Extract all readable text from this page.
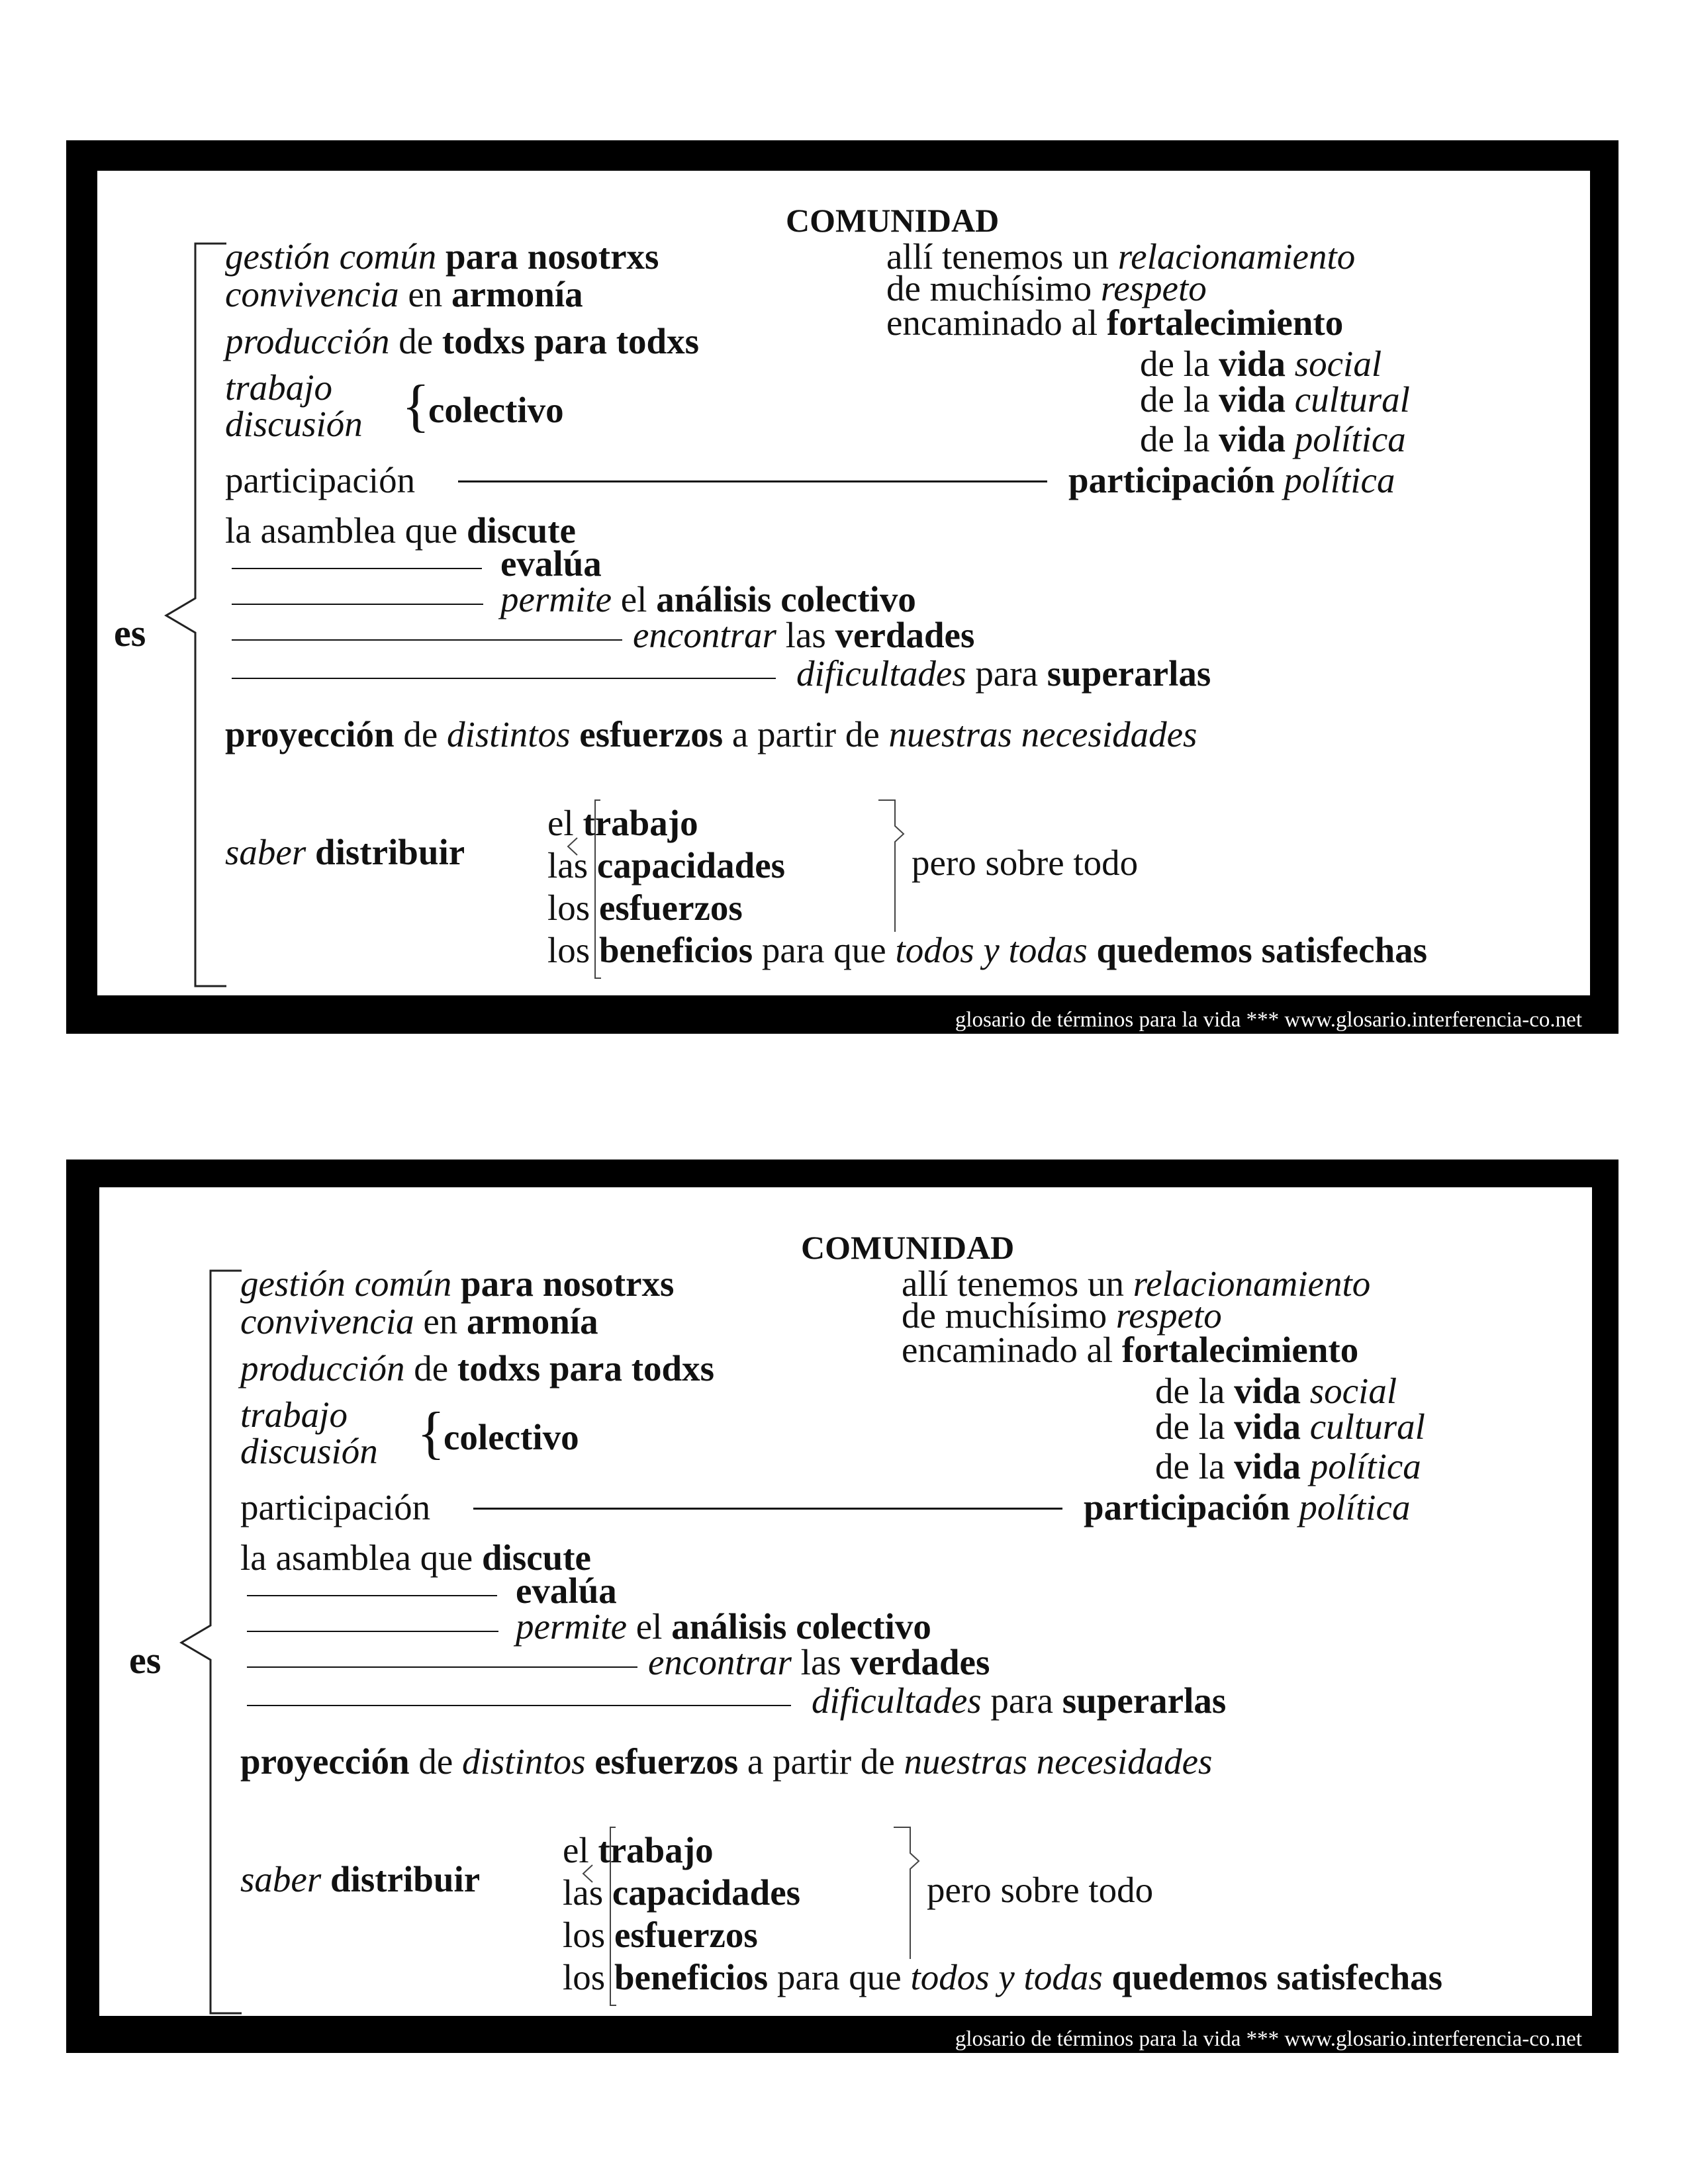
COMUNIDAD
es
gestión común para nosotrxs
convivencia en armonía
producción de todxs para todxs
trabajo
discusión {
colectivo
participación
allí tenemos un relacionamiento
de muchísimo respeto
encaminado al fortalecimiento
de la vida social
de la vida cultural
de la vida política
participación política
la asamblea que discute
evalúa
permite el análisis colectivo
encontrar las verdades
dificultades para superarlas
proyección de distintos esfuerzos a partir de nuestras necesidades
saber distribuir
el trabajo
las capacidades
los esfuerzos
los beneficios para que todos y todas quedemos satisfechas
pero sobre todo
glosario de términos para la vida *** www.glosario.interferencia-co.net
COMUNIDAD
es
gestión común para nosotrxs
convivencia en armonía
producción de todxs para todxs
trabajo
discusión {
colectivo
participación
allí tenemos un relacionamiento
de muchísimo respeto
encaminado al fortalecimiento
de la vida social
de la vida cultural
de la vida política
participación política
la asamblea que discute
evalúa
permite el análisis colectivo
encontrar las verdades
dificultades para superarlas
proyección de distintos esfuerzos a partir de nuestras necesidades
saber distribuir
el trabajo
las capacidades
los esfuerzos
los beneficios para que todos y todas quedemos satisfechas
pero sobre todo
glosario de términos para la vida *** www.glosario.interferencia-co.net
